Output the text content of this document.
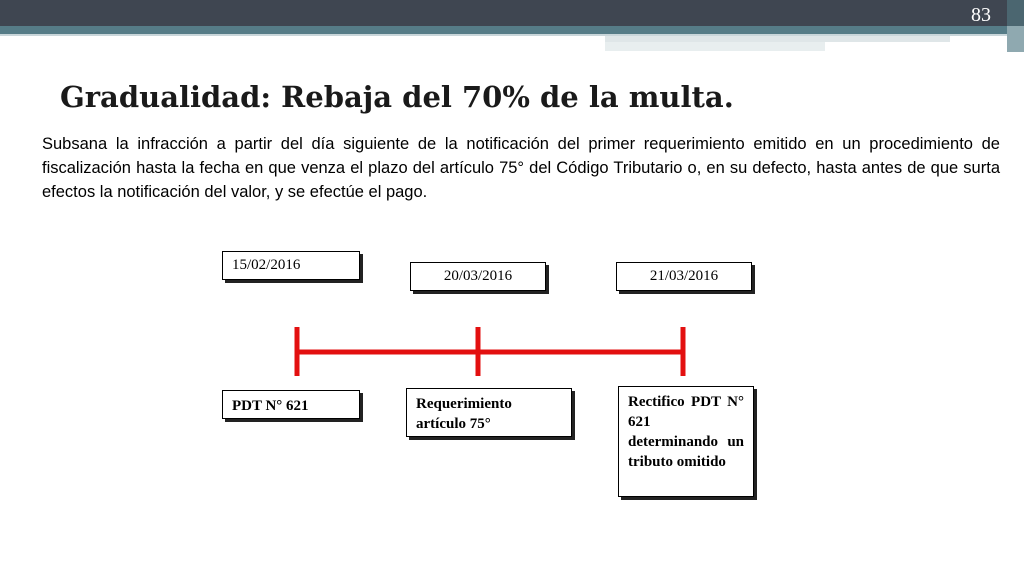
83
Gradualidad: Rebaja del 70% de la multa.
Subsana la infracción a partir del día siguiente de la notificación del primer requerimiento emitido en un procedimiento de fiscalización hasta la fecha en que venza el plazo del artículo 75° del Código Tributario o, en su defecto, hasta antes de que surta efectos la notificación del valor, y se efectúe el pago.
15/02/2016
20/03/2016	21/03/2016
PDT N° 621	Requerimiento artículo 75°
Rectifico PDT N° 621 determinando un tributo omitido
